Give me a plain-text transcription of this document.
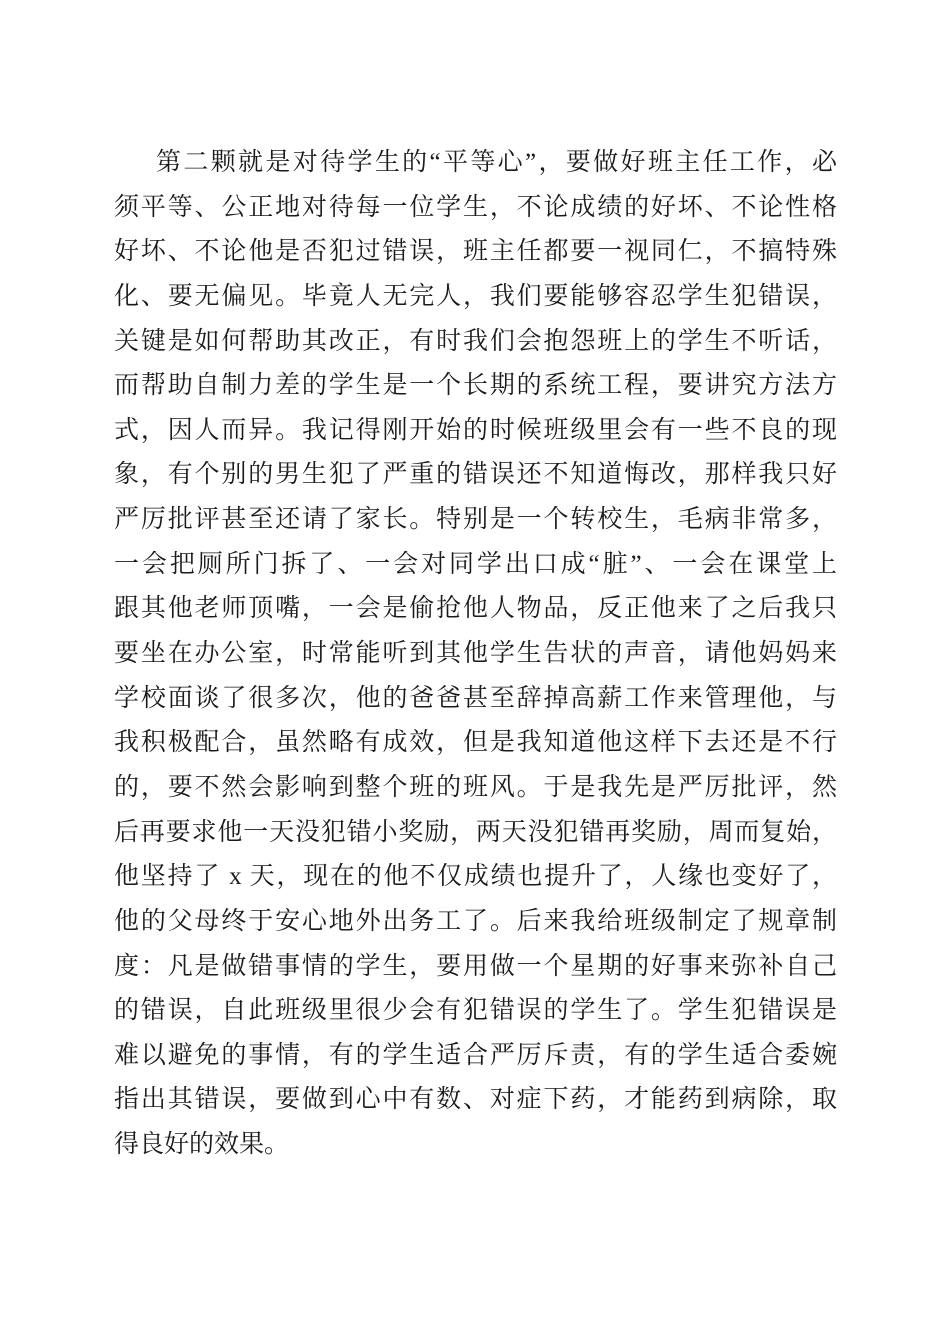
第二颗就是对待学生的“平等心”，要做好班主任工作，必
须平等、公正地对待每一位学生，不论成绩的好坏、不论性格
好坏、不论他是否犯过错误，班主任都要一视同仁，不搞特殊
化、要无偏见。毕竟人无完人，我们要能够容忍学生犯错误，
关键是如何帮助其改正，有时我们会抱怨班上的学生不听话，
而帮助自制力差的学生是一个长期的系统工程，要讲究方法方
式，因人而异。我记得刚开始的时候班级里会有一些不良的现
象，有个别的男生犯了严重的错误还不知道悔改，那样我只好
严厉批评甚至还请了家长。特别是一个转校生，毛病非常多，
一会把厕所门拆了、一会对同学出口成“脏”、一会在课堂上
跟其他老师顶嘴，一会是偷抢他人物品，反正他来了之后我只
要坐在办公室，时常能听到其他学生告状的声音，请他妈妈来
学校面谈了很多次，他的爸爸甚至辞掉高薪工作来管理他，与
我积极配合，虽然略有成效，但是我知道他这样下去还是不行
的，要不然会影响到整个班的班风。于是我先是严厉批评，然
后再要求他一天没犯错小奖励，两天没犯错再奖励，周而复始，
他坚持了 x 天，现在的他不仅成绩也提升了，人缘也变好了，
他的父母终于安心地外出务工了。后来我给班级制定了规章制
度：凡是做错事情的学生，要用做一个星期的好事来弥补自己
的错误，自此班级里很少会有犯错误的学生了。学生犯错误是
难以避免的事情，有的学生适合严厉斥责，有的学生适合委婉
指出其错误，要做到心中有数、对症下药，才能药到病除，取
得良好的效果。
